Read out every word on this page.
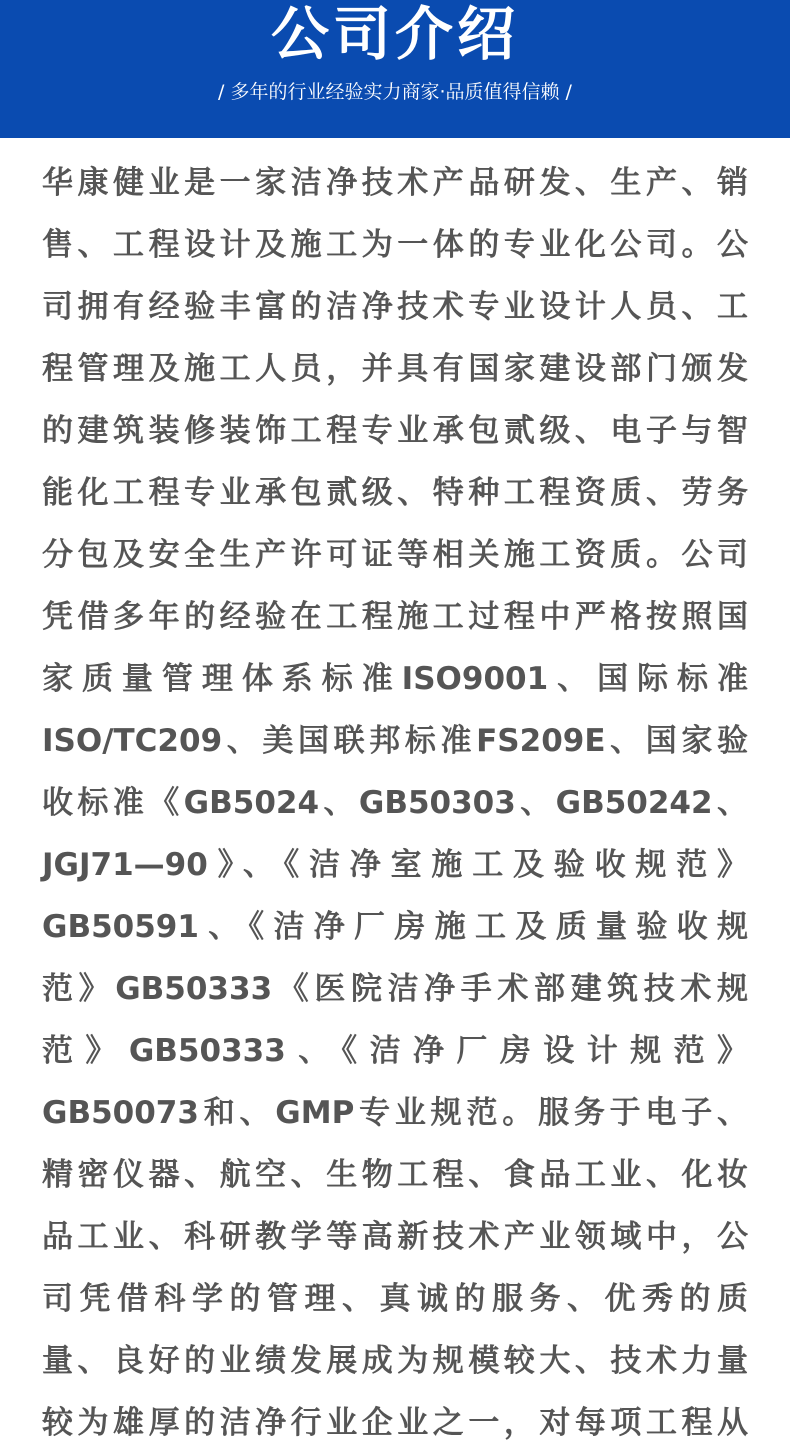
公司介绍
/ 多年的行业经验实力商家·品质值得信赖 /
华康健业是一家洁净技术产品研发、生产、销
售、工程设计及施工为一体的专业化公司。公
司拥有经验丰富的洁净技术专业设计人员、工
程管理及施工人员，并具有国家建设部门颁发
的建筑装修装饰工程专业承包贰级、电子与智
能化工程专业承包贰级、特种工程资质、劳务
分包及安全生产许可证等相关施工资质。公司
凭借多年的经验在工程施工过程中严格按照国
家质量管理体系标准ISO9001、国际标准
ISO/TC209、美国联邦标准FS209E、国家验
收标准《GB5024、GB50303、GB50242、
JGJ71—90》、《洁净室施工及验收规范》
GB50591、《洁净厂房施工及质量验收规
范》GB50333《医院洁净手术部建筑技术规
范》GB50333、《洁净厂房设计规范》
GB50073和、GMP专业规范。服务于电子、
精密仪器、航空、生物工程、食品工业、化妆
品工业、科研教学等高新技术产业领域中，公
司凭借科学的管理、真诚的服务、优秀的质
量、良好的业绩发展成为规模较大、技术力量
较为雄厚的洁净行业企业之一，对每项工程从
